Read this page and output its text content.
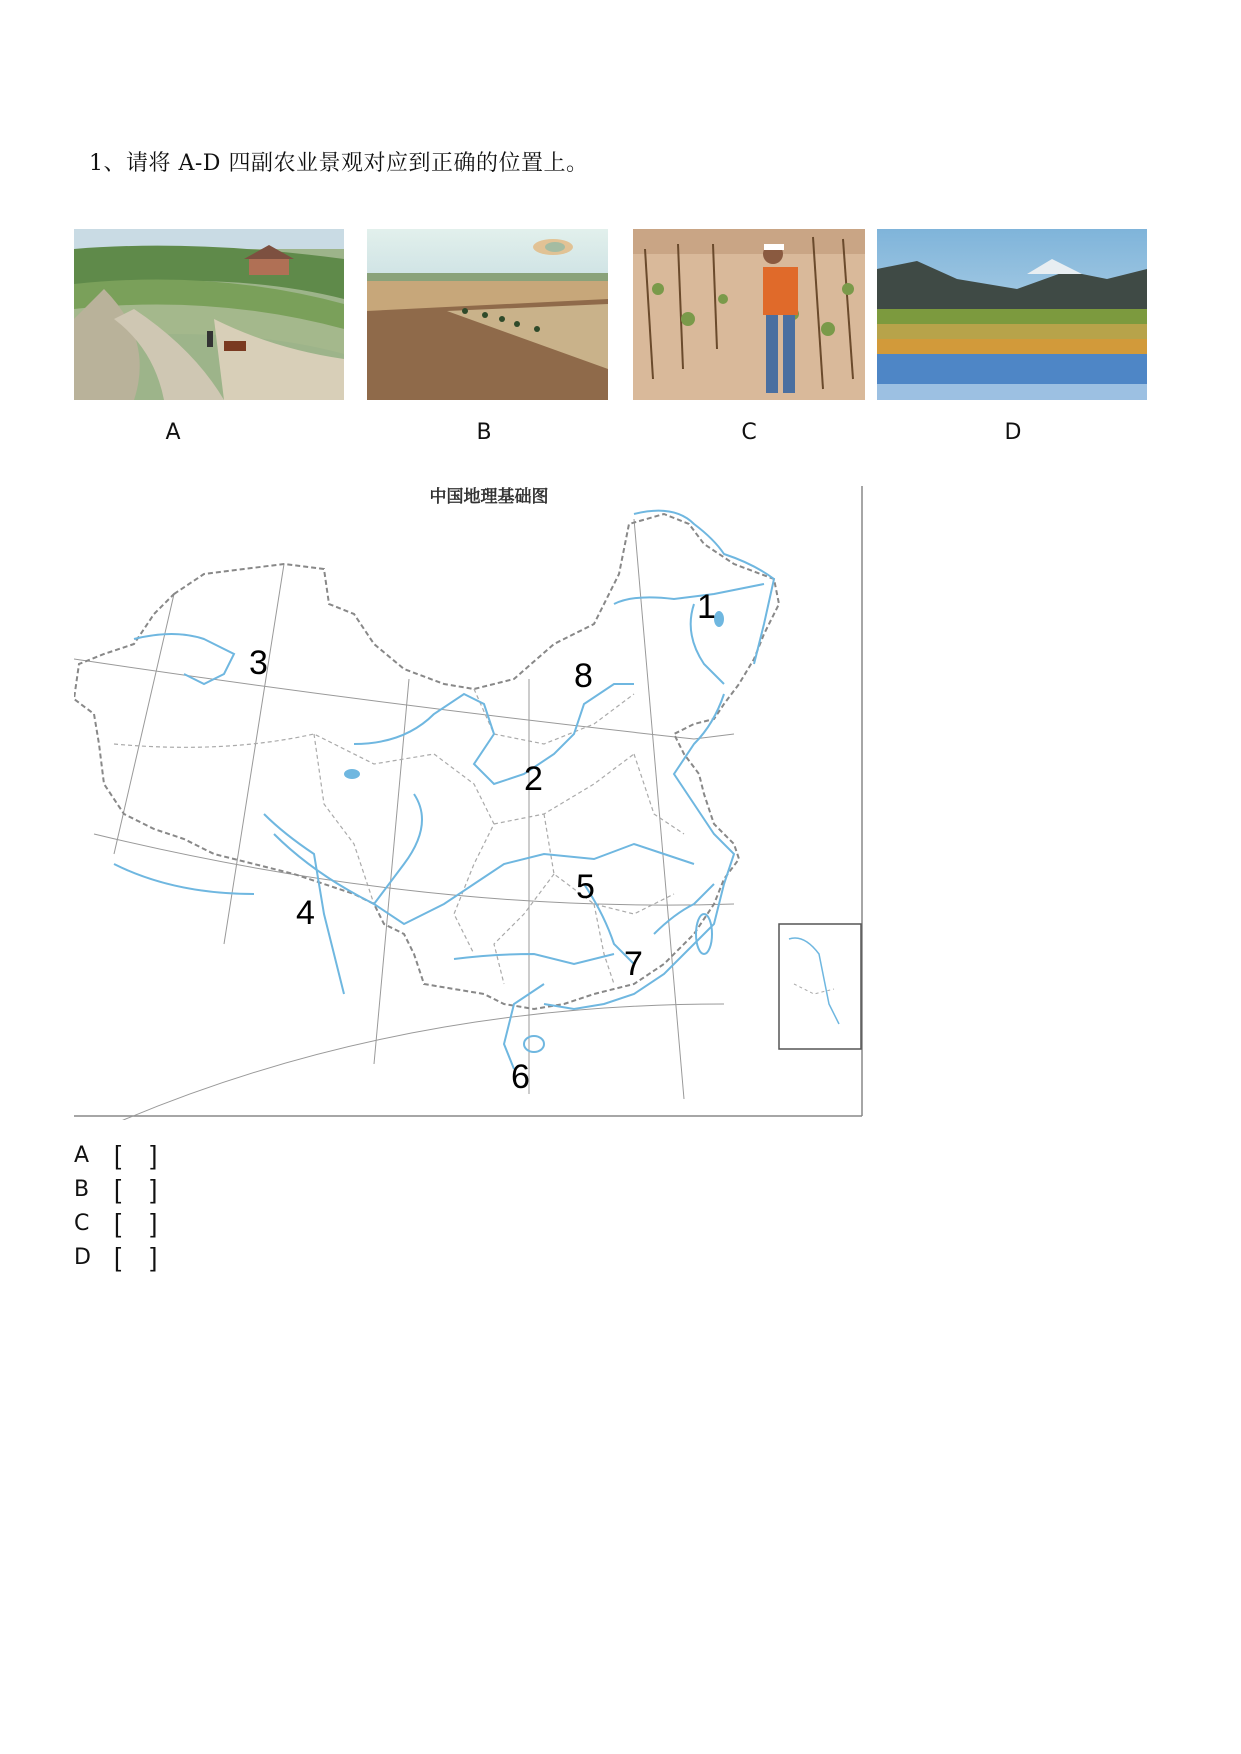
1、请将 A-D 四副农业景观对应到正确的位置上。

A	B	C	D
中国地理基础图
1
2
3
4
5
6
7
8
A [    ]
B [    ]
C [    ]
D [    ]
